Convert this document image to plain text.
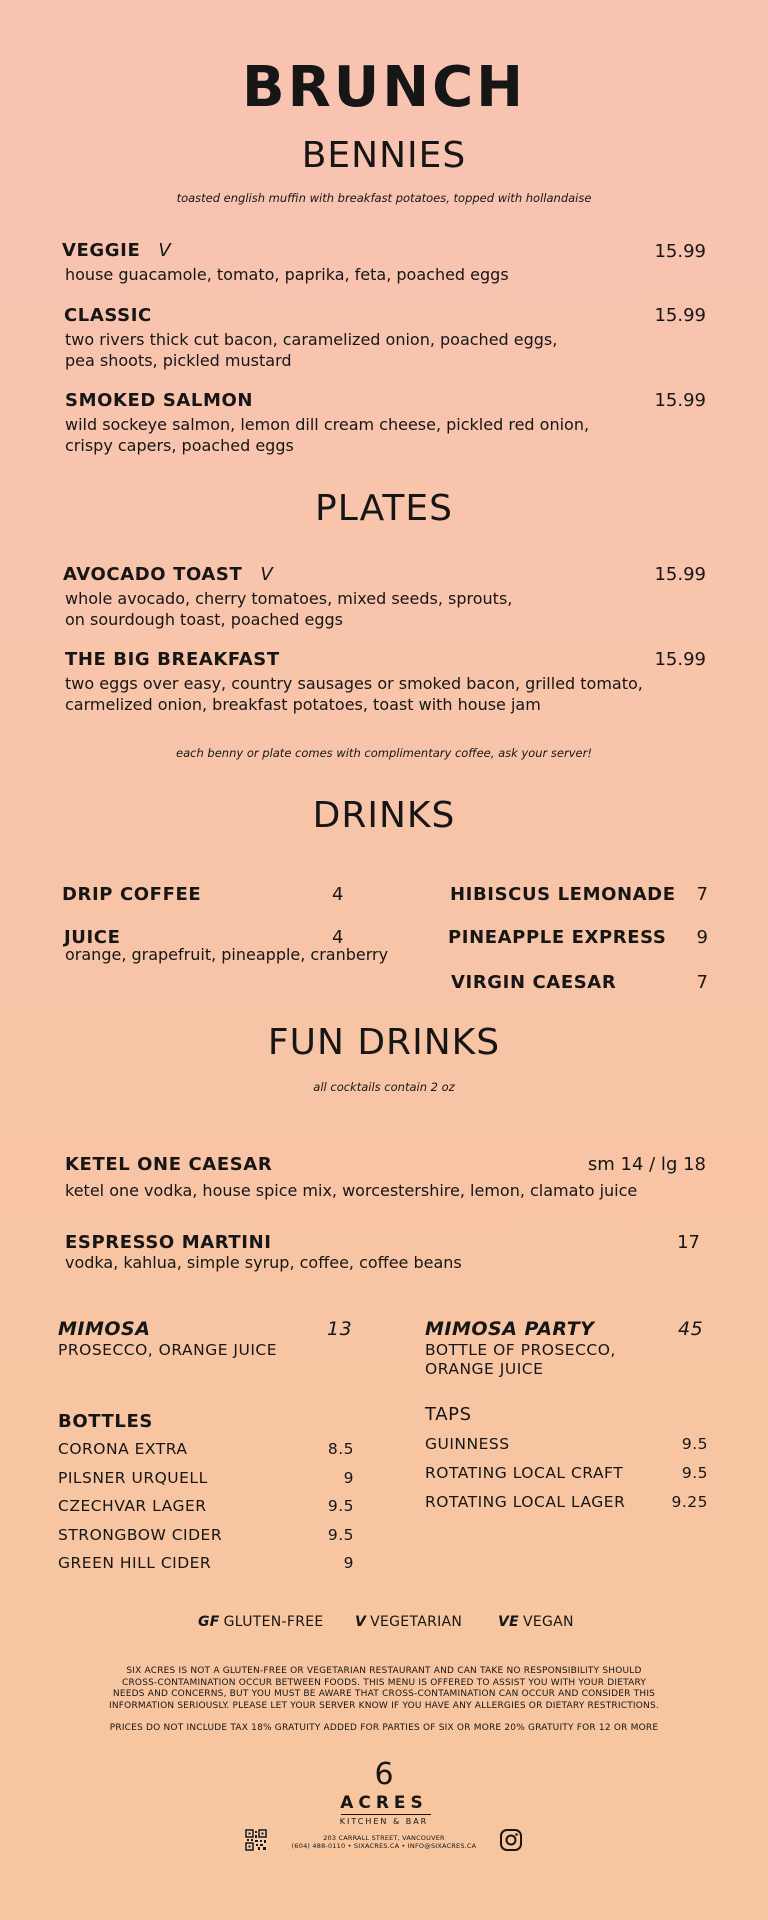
BRUNCH
BENNIES
toasted english muffin with breakfast potatoes, topped with hollandaise
VEGGIE V	15.99
house guacamole, tomato, paprika, feta, poached eggs
CLASSIC	15.99
two rivers thick cut bacon, caramelized onion, poached eggs,
pea shoots, pickled mustard
SMOKED SALMON	15.99
wild sockeye salmon, lemon dill cream cheese, pickled red onion,
crispy capers, poached eggs
PLATES
AVOCADO TOAST V	15.99
whole avocado, cherry tomatoes, mixed seeds, sprouts,
on sourdough toast, poached eggs
THE BIG BREAKFAST	15.99
two eggs over easy, country sausages or smoked bacon, grilled tomato,
carmelized onion, breakfast potatoes, toast with house jam
each benny or plate comes with complimentary coffee, ask your server!
DRINKS
DRIP COFFEE	4
JUICE	4
orange, grapefruit, pineapple, cranberry
HIBISCUS LEMONADE 7
PINEAPPLE EXPRESS 9
VIRGIN CAESAR	7
FUN DRINKS
all cocktails contain 2 oz
KETEL ONE CAESAR	sm 14 / lg 18
ketel one vodka, house spice mix, worcestershire, lemon, clamato juice
ESPRESSO MARTINI	17
vodka, kahlua, simple syrup, coffee, coffee beans
MIMOSA	13
PROSECCO, ORANGE JUICE
MIMOSA PARTY	45
BOTTLE OF PROSECCO,
ORANGE JUICE
BOTTLES
CORONA EXTRA	8.5
PILSNER URQUELL	9
CZECHVAR LAGER	9.5
STRONGBOW CIDER	9.5
GREEN HILL CIDER	9
TAPS
GUINNESS	9.5
ROTATING LOCAL CRAFT	9.5
ROTATING LOCAL LAGER	9.25
GF GLUTEN-FREE V VEGETARIAN	VE VEGAN
SIX ACRES IS NOT A GLUTEN-FREE OR VEGETARIAN RESTAURANT AND CAN TAKE NO RESPONSIBILITY SHOULD
CROSS-CONTAMINATION OCCUR BETWEEN FOODS. THIS MENU IS OFFERED TO ASSIST YOU WITH YOUR DIETARY
NEEDS AND CONCERNS, BUT YOU MUST BE AWARE THAT CROSS-CONTAMINATION CAN OCCUR AND CONSIDER THIS
INFORMATION SERIOUSLY. PLEASE LET YOUR SERVER KNOW IF YOU HAVE ANY ALLERGIES OR DIETARY RESTRICTIONS.
PRICES DO NOT INCLUDE TAX 18% GRATUITY ADDED FOR PARTIES OF SIX OR MORE 20% GRATUITY FOR 12 OR MORE
6
ACRES
KITCHEN & BAR
203 CARRALL STREET, VANCOUVER
(604) 488-0110 • SIXACRES.CA • INFO@SIXACRES.CA
